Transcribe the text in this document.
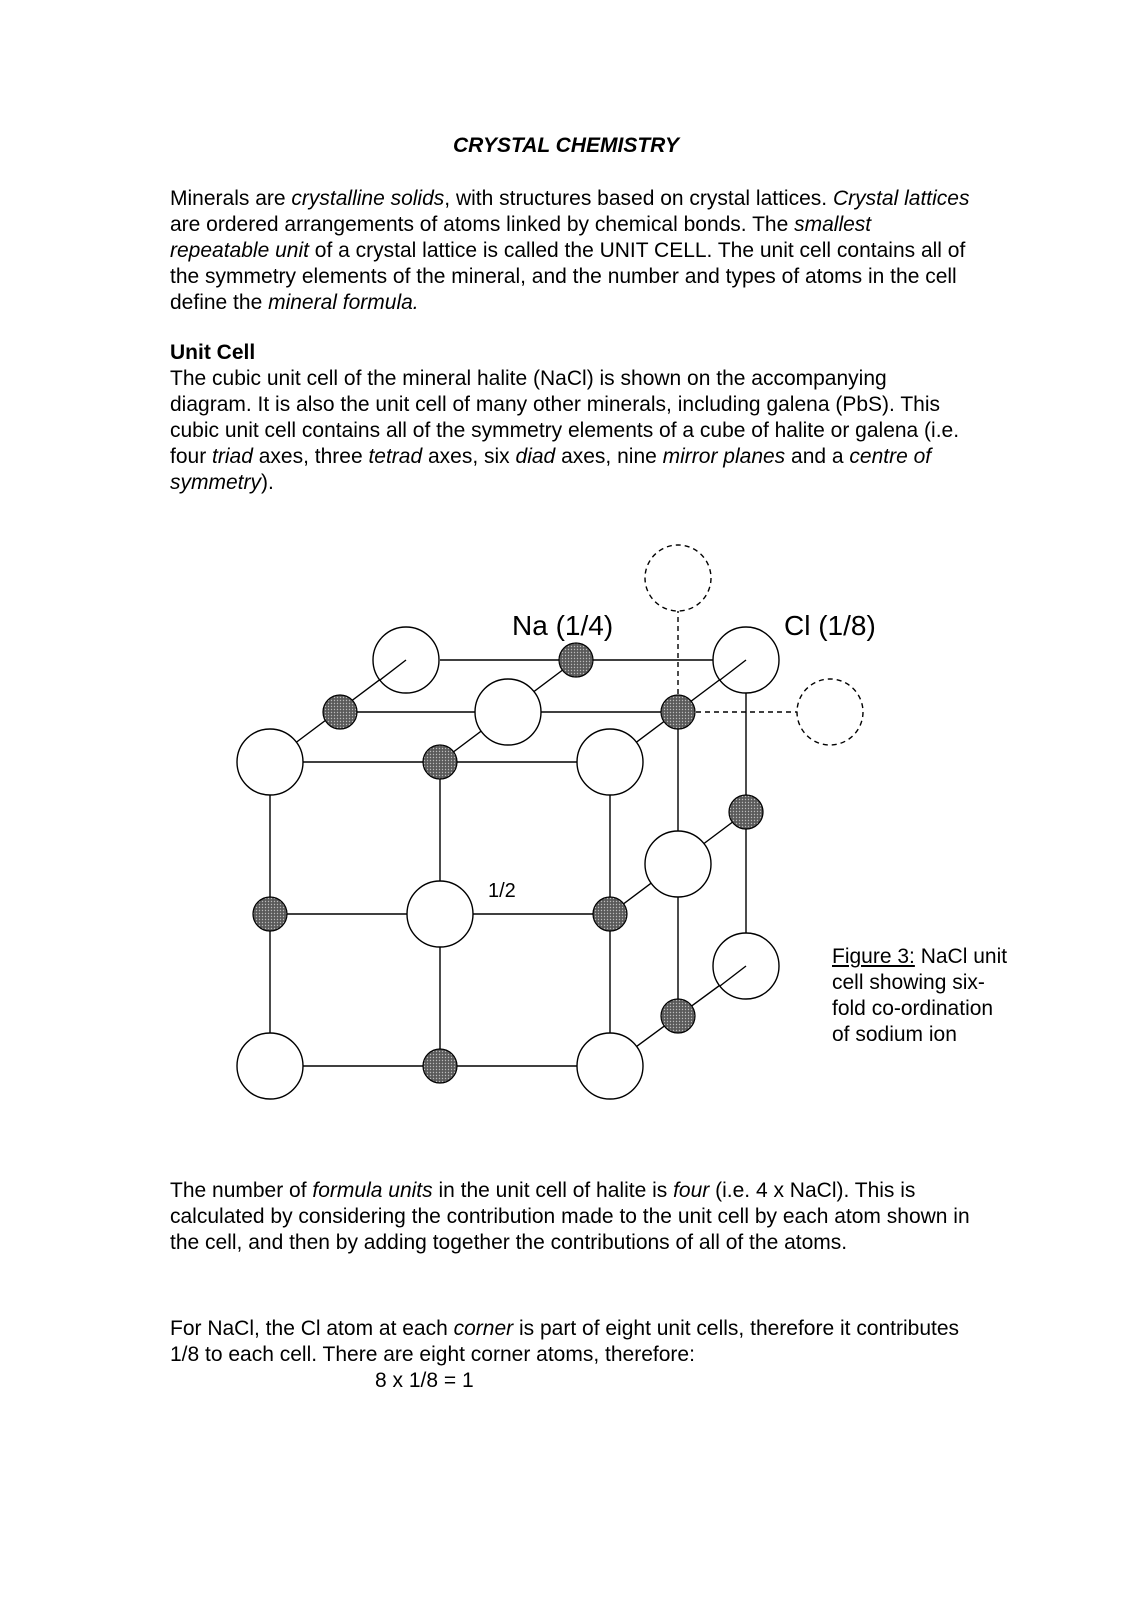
CRYSTAL CHEMISTRY

Minerals are crystalline solids, with structures based on crystal lattices. Crystal lattices are ordered arrangements of atoms linked by chemical bonds. The smallest repeatable unit of a crystal lattice is called the UNIT CELL. The unit cell contains all of the symmetry elements of the mineral, and the number and types of atoms in the cell define the mineral formula.

Unit Cell

The cubic unit cell of the mineral halite (NaCl) is shown on the accompanying diagram. It is also the unit cell of many other minerals, including galena (PbS). This cubic unit cell contains all of the symmetry elements of a cube of halite or galena (i.e. four triad axes, three tetrad axes, six diad axes, nine mirror planes and a centre of symmetry).

Na (1/4)	Cl (1/8)
1/2

Figure 3: NaCl unit cell showing six-fold co-ordination of sodium ion

The number of formula units in the unit cell of halite is four (i.e. 4 x NaCl). This is calculated by considering the contribution made to the unit cell by each atom shown in the cell, and then by adding together the contributions of all of the atoms.

For NaCl, the Cl atom at each corner is part of eight unit cells, therefore it contributes 1/8 to each cell. There are eight corner atoms, therefore:

8 x 1/8 = 1
